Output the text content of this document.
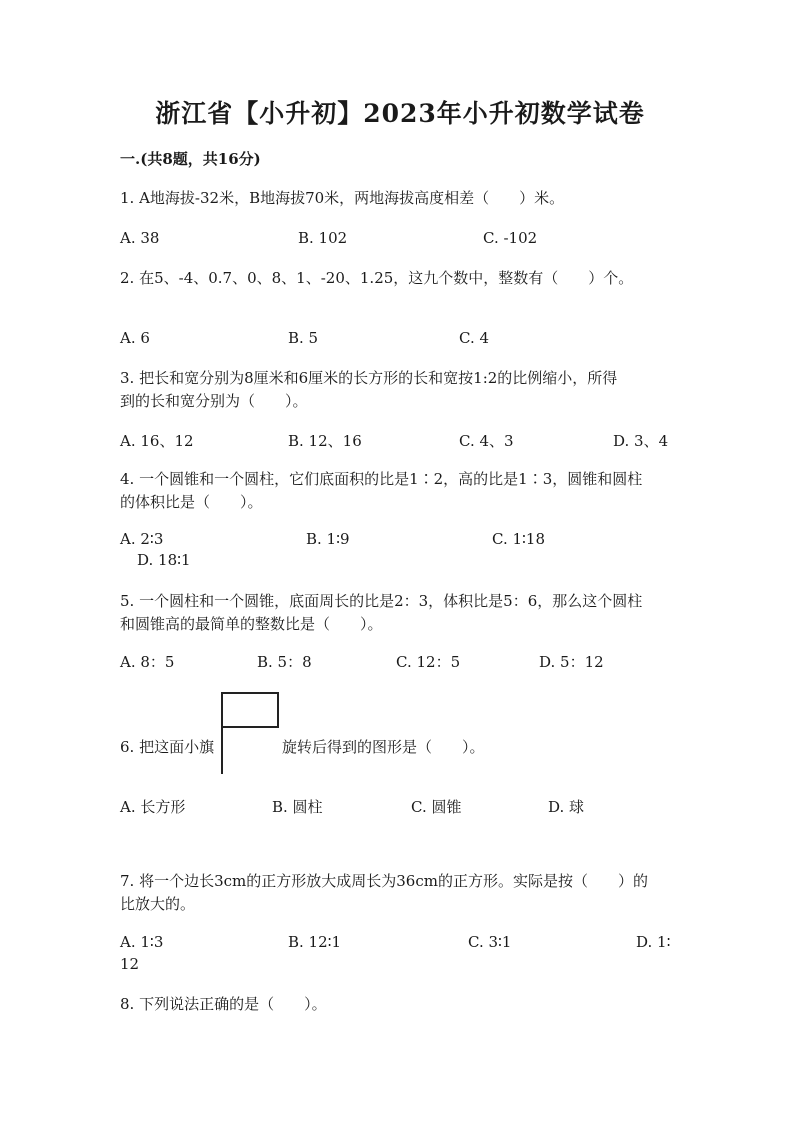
浙江省【小升初】2023年小升初数学试卷
一.(共8题，共16分)
1. A地海拔-32米，B地海拔70米，两地海拔高度相差（　　）米。
A. 38	B. 102	C. -102
2. 在5、-4、0.7、0、8、1、-20、1.25，这九个数中，整数有（　　）个。
A. 6	B. 5	C. 4
3. 把长和宽分别为8厘米和6厘米的长方形的长和宽按1:2的比例缩小，所得
到的长和宽分别为（　　）。
A. 16、12	B. 12、16	C. 4、3	D. 3、4
4. 一个圆锥和一个圆柱，它们底面积的比是1∶2，高的比是1∶3，圆锥和圆柱
的体积比是（　　）。
A. 2∶3	B. 1∶9	C. 1∶18
D. 18∶1
5. 一个圆柱和一个圆锥，底面周长的比是2：3，体积比是5：6，那么这个圆柱
和圆锥高的最简单的整数比是（　　）。
A. 8：5	B. 5：8	C. 12：5	D. 5：12
6. 把这面小旗	旋转后得到的图形是（　　）。
A. 长方形	B. 圆柱	C. 圆锥	D. 球
7. 将一个边长3cm的正方形放大成周长为36cm的正方形。实际是按（　　）的
比放大的。
A. 1∶3	B. 12∶1	C. 3∶1	D. 1∶
12
8. 下列说法正确的是（　　）。
